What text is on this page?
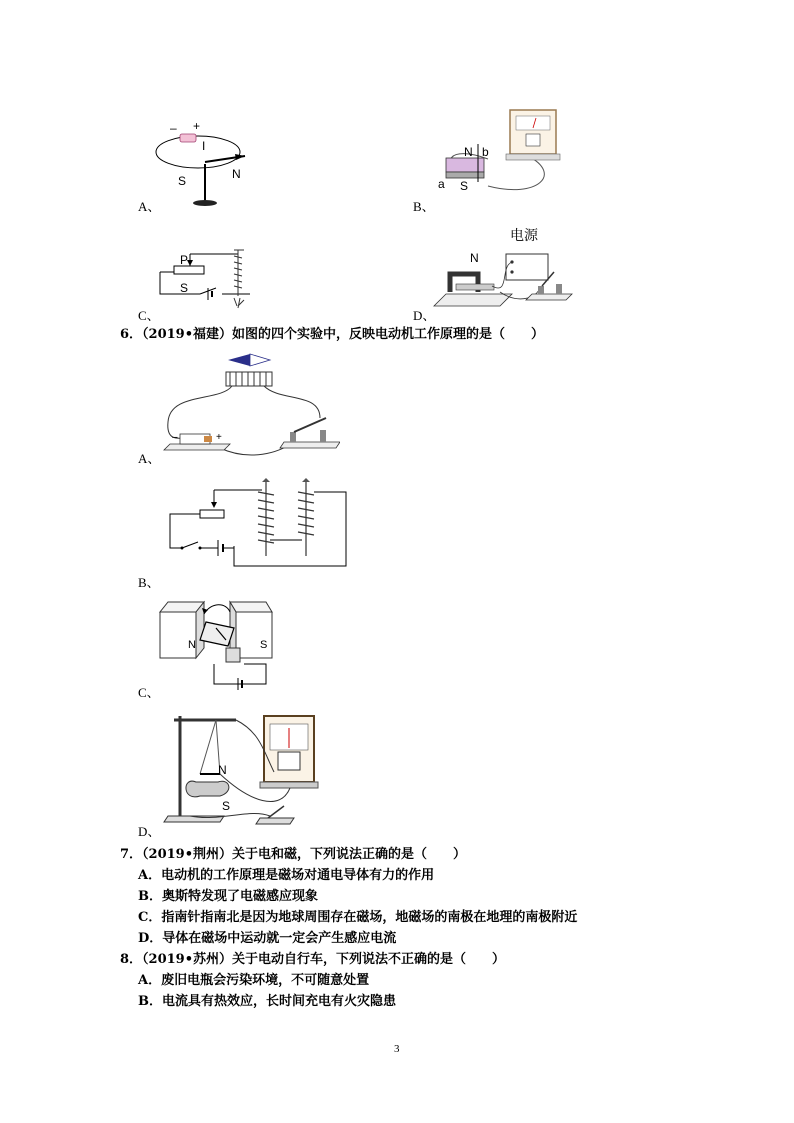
– +
I
S	N
A、
N b
a S
B、
P
S
C、
N
电源
D、
6．（2019•福建）如图的四个实验中，反映电动机工作原理的是（　　）
–	+
A、
B、
N	S
C、
N
S
D、
7．（2019•荆州）关于电和磁，下列说法正确的是（　　）
A．电动机的工作原理是磁场对通电导体有力的作用
B．奥斯特发现了电磁感应现象
C．指南针指南北是因为地球周围存在磁场，地磁场的南极在地理的南极附近
D．导体在磁场中运动就一定会产生感应电流
8．（2019•苏州）关于电动自行车，下列说法不正确的是（　　）
A．废旧电瓶会污染环境，不可随意处置
B．电流具有热效应，长时间充电有火灾隐患
3
